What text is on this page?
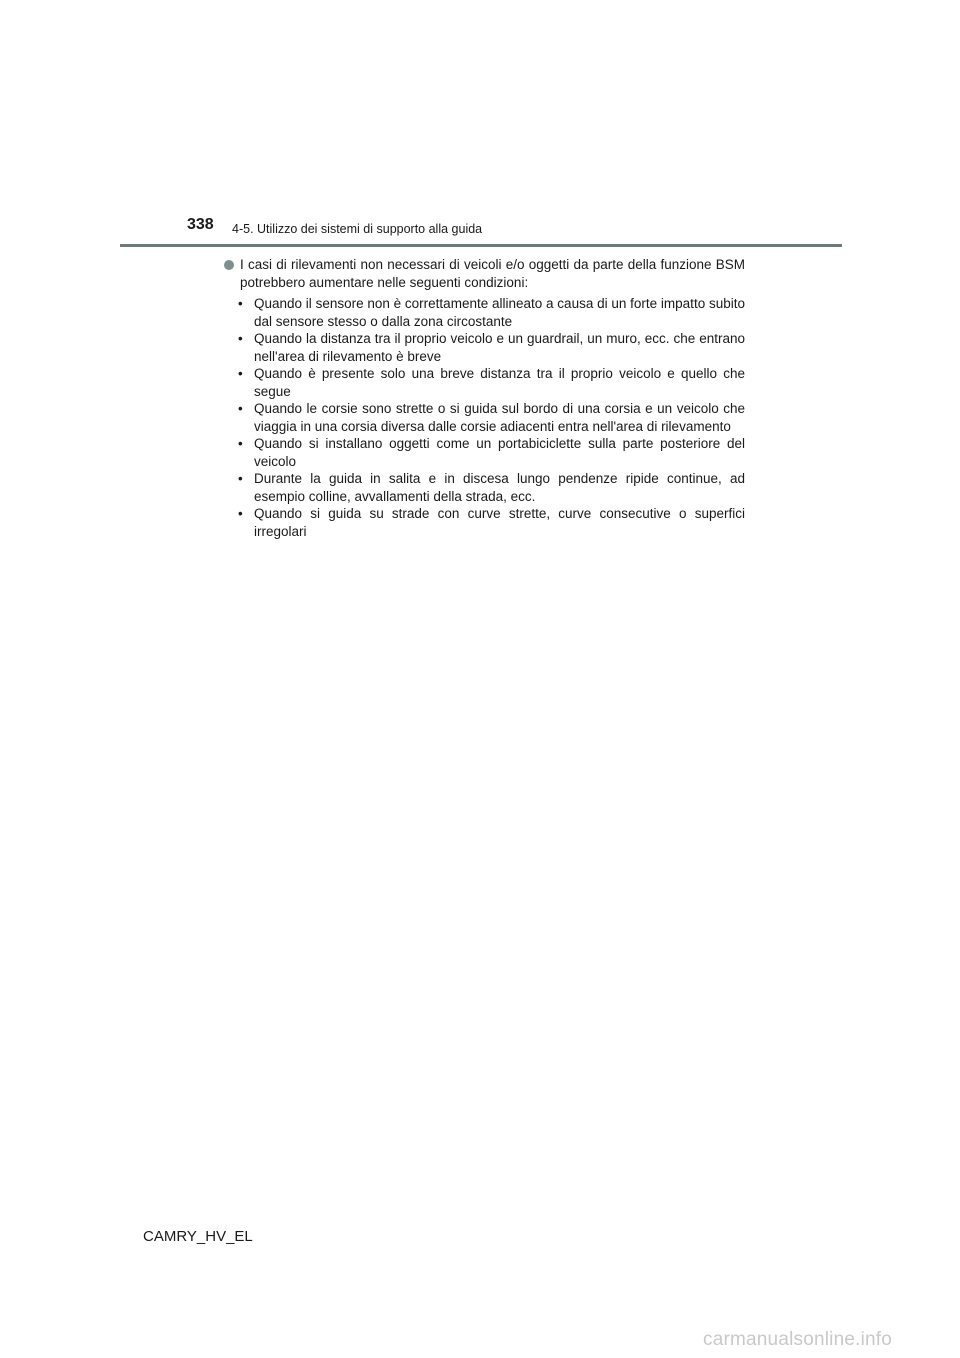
338 4-5. Utilizzo dei sistemi di supporto alla guida
I casi di rilevamenti non necessari di veicoli e/o oggetti da parte della funzione BSM potrebbero aumentare nelle seguenti condizioni:
• Quando il sensore non è correttamente allineato a causa di un forte impatto subito dal sensore stesso o dalla zona circostante
• Quando la distanza tra il proprio veicolo e un guardrail, un muro, ecc. che entrano nell'area di rilevamento è breve
• Quando è presente solo una breve distanza tra il proprio veicolo e quello che segue
• Quando le corsie sono strette o si guida sul bordo di una corsia e un veicolo che viaggia in una corsia diversa dalle corsie adiacenti entra nell'area di rilevamento
• Quando si installano oggetti come un portabiciclette sulla parte posteriore del veicolo
• Durante la guida in salita e in discesa lungo pendenze ripide continue, ad esempio colline, avvallamenti della strada, ecc.
• Quando si guida su strade con curve strette, curve consecutive o superfici irregolari
CAMRY_HV_EL
carmanualsonline.info
